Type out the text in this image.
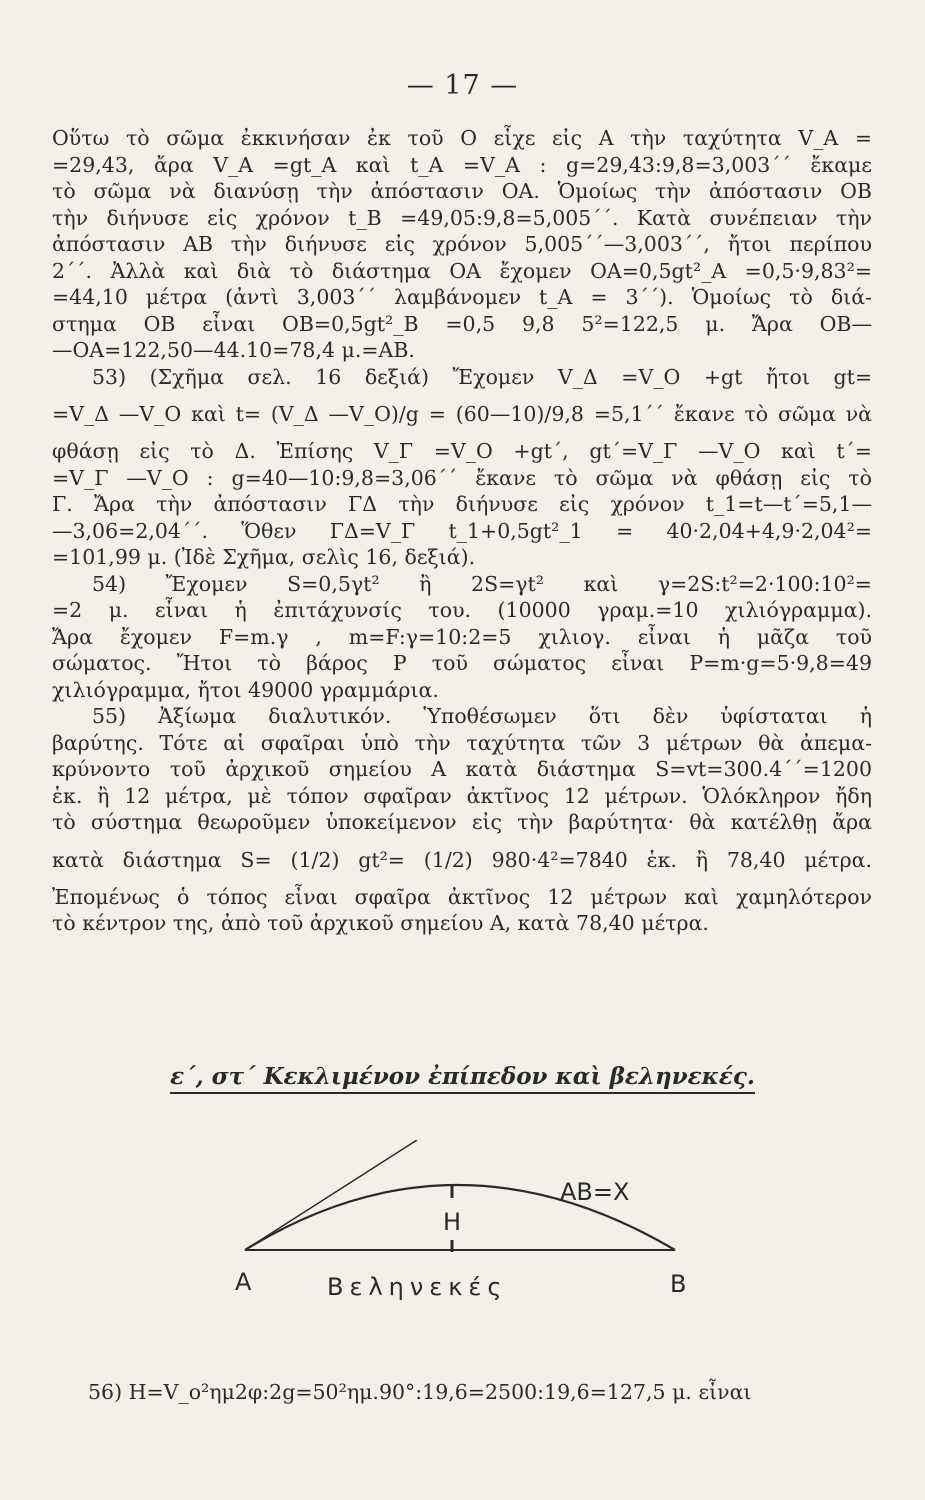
— 17 —
Οὕτω τὸ σῶμα ἐκκινήσαν ἐκ τοῦ Ο εἶχε εἰς Α τὴν ταχύτητα V_A =
=29,43, ἄρα V_A =gt_A καὶ t_A =V_A : g=29,43:9,8=3,003΄΄ ἔκαμε
τὸ σῶμα νὰ διανύσῃ τὴν ἀπόστασιν ΟΑ. Ὁμοίως τὴν ἀπόστασιν ΟΒ
τὴν διήνυσε εἰς χρόνον t_B =49,05:9,8=5,005΄΄. Κατὰ συνέπειαν τὴν
ἀπόστασιν ΑΒ τὴν διήνυσε εἰς χρόνον 5,005΄΄—3,003΄΄, ἤτοι περίπου
2΄΄. Ἀλλὰ καὶ διὰ τὸ διάστημα ΟΑ ἔχομεν ΟΑ=0,5gt²_A =0,5·9,83²=
=44,10 μέτρα (ἀντὶ 3,003΄΄ λαμβάνομεν t_A = 3΄΄). Ὁμοίως τὸ διά-
στημα ΟΒ εἶναι ΟΒ=0,5gt²_B =0,5 9,8 5²=122,5 μ. Ἄρα ΟΒ—
—ΟΑ=122,50—44.10=78,4 μ.=ΑΒ.
53) (Σχῆμα σελ. 16 δεξιά) Ἔχομεν V_Δ =V_O +gt ἤτοι gt=
=V_Δ —V_O καὶ t= (V_Δ —V_O)/g = (60—10)/9,8 =5,1΄΄ ἔκανε τὸ σῶμα νὰ
φθάσῃ εἰς τὸ Δ. Ἐπίσης V_Γ =V_O +gt΄, gt΄=V_Γ —V_O καὶ t΄=
=V_Γ —V_O : g=40—10:9,8=3,06΄΄ ἔκανε τὸ σῶμα νὰ φθάσῃ εἰς τὸ
Γ. Ἄρα τὴν ἀπόστασιν ΓΔ τὴν διήνυσε εἰς χρόνον t_1=t—t΄=5,1—
—3,06=2,04΄΄. Ὅθεν ΓΔ=V_Γ t_1+0,5gt²_1 = 40·2,04+4,9·2,04²=
=101,99 μ. (Ἰδὲ Σχῆμα, σελὶς 16, δεξιά).
54) Ἔχομεν S=0,5γt² ἢ 2S=γt² καὶ γ=2S:t²=2·100:10²=
=2 μ. εἶναι ἡ ἐπιτάχυνσίς του. (10000 γραμ.=10 χιλιόγραμμα).
Ἄρα ἔχομεν F=m.γ , m=F:γ=10:2=5 χιλιογ. εἶναι ἡ μᾶζα τοῦ
σώματος. Ἤτοι τὸ βάρος P τοῦ σώματος εἶναι P=m·g=5·9,8=49
χιλιόγραμμα, ἤτοι 49000 γραμμάρια.
55) Ἀξίωμα διαλυτικόν. Ὑποθέσωμεν ὅτι δὲν ὑφίσταται ἡ
βαρύτης. Τότε αἱ σφαῖραι ὑπὸ τὴν ταχύτητα τῶν 3 μέτρων θὰ ἀπεμα-
κρύνοντο τοῦ ἀρχικοῦ σημείου Α κατὰ διάστημα S=vt=300.4΄΄=1200
ἑκ. ἢ 12 μέτρα, μὲ τόπον σφαῖραν ἀκτῖνος 12 μέτρων. Ὁλόκληρον ἤδη
τὸ σύστημα θεωροῦμεν ὑποκείμενον εἰς τὴν βαρύτητα· θὰ κατέλθῃ ἄρα
κατὰ διάστημα S= (1/2) gt²= (1/2) 980·4²=7840 ἑκ. ἢ 78,40 μέτρα.
Ἐπομένως ὁ τόπος εἶναι σφαῖρα ἀκτῖνος 12 μέτρων καὶ χαμηλότερον
τὸ κέντρον της, ἀπὸ τοῦ ἀρχικοῦ σημείου Α, κατὰ 78,40 μέτρα.
ε΄, στ΄ Κεκλιμένον ἐπίπεδον καὶ βεληνεκές.
H
AB=X
A	B
Βεληνεκές
56) H=V_o²ημ2φ:2g=50²ημ.90°:19,6=2500:19,6=127,5 μ. εἶναι
